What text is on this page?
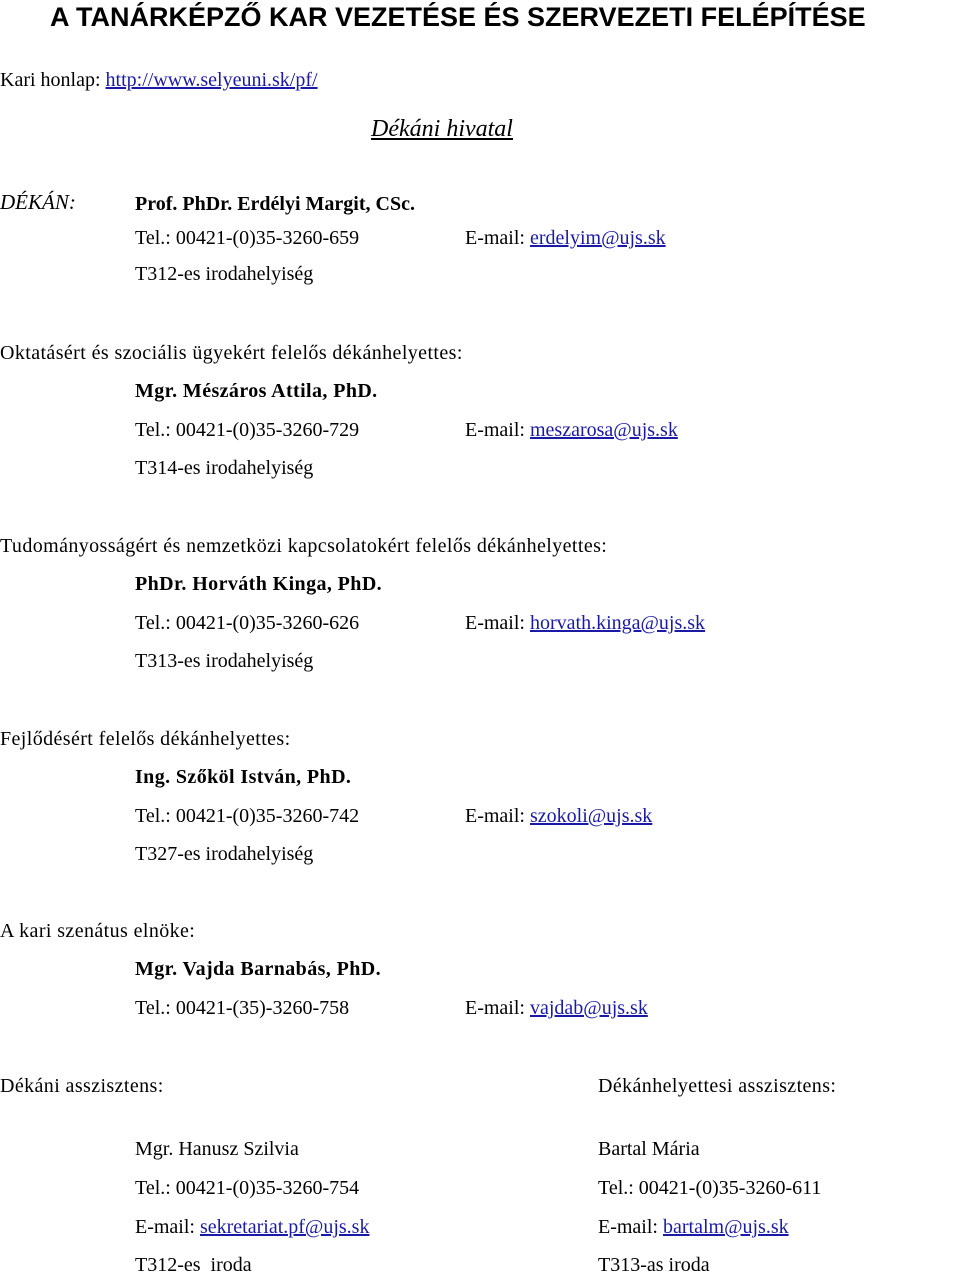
A TANÁRKÉPZŐ KAR VEZETÉSE ÉS SZERVEZETI FELÉPÍTÉSE
Kari honlap: http://www.selyeuni.sk/pf/
Dékáni hivatal
DÉKÁN:	Prof. PhDr. Erdélyi Margit, CSc.
Tel.: 00421-(0)35-3260-659	E-mail: erdelyim@ujs.sk
T312-es irodahelyiség
Oktatásért és szociális ügyekért felelős dékánhelyettes:
Mgr. Mészáros Attila, PhD.
Tel.: 00421-(0)35-3260-729	E-mail: meszarosa@ujs.sk
T314-es irodahelyiség
Tudományosságért és nemzetközi kapcsolatokért felelős dékánhelyettes:
PhDr. Horváth Kinga, PhD.
Tel.: 00421-(0)35-3260-626	E-mail: horvath.kinga@ujs.sk
T313-es irodahelyiség
Fejlődésért felelős dékánhelyettes:
Ing. Szőköl István, PhD.
Tel.: 00421-(0)35-3260-742	E-mail: szokoli@ujs.sk
T327-es irodahelyiség
A kari szenátus elnöke:
Mgr. Vajda Barnabás, PhD.
Tel.: 00421-(35)-3260-758	E-mail: vajdab@ujs.sk
Dékáni asszisztens:	Dékánhelyettesi asszisztens:
Mgr. Hanusz Szilvia	Bartal Mária
Tel.: 00421-(0)35-3260-754	Tel.: 00421-(0)35-3260-611
E-mail: sekretariat.pf@ujs.sk	E-mail: bartalm@ujs.sk
T312-es  iroda	T313-as iroda
